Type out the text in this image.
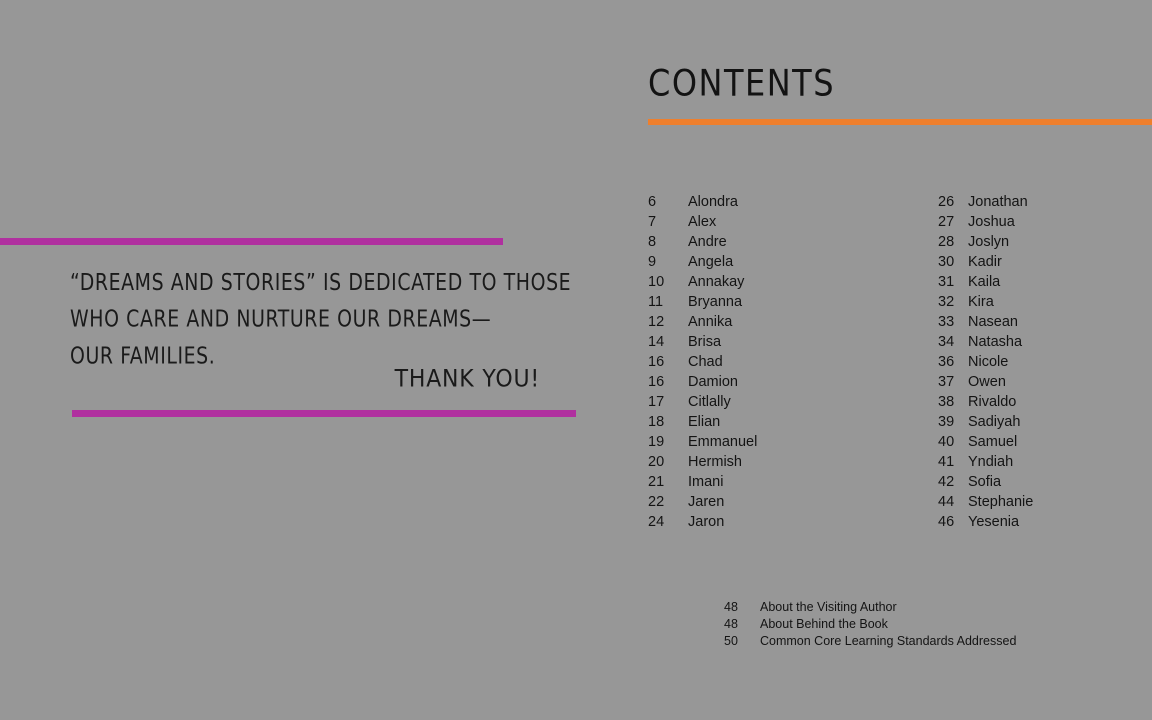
“DREAMS AND STORIES” IS DEDICATED TO THOSE
WHO CARE AND NURTURE OUR DREAMS—
OUR FAMILIES.
THANK YOU!
CONTENTS
6	Alondra
7	Alex
8	Andre
9	Angela
10	Annakay
11	Bryanna
12	Annika
14	Brisa
16	Chad
16	Damion
17	Citlally
18	Elian
19	Emmanuel
20	Hermish
21	Imani
22	Jaren
24	Jaron
26 Jonathan
27 Joshua
28 Joslyn
30 Kadir
31 Kaila
32 Kira
33 Nasean
34 Natasha
36 Nicole
37 Owen
38 Rivaldo
39 Sadiyah
40 Samuel
41 Yndiah
42 Sofia
44 Stephanie
46 Yesenia
48	About the Visiting Author
48	About Behind the Book
50	Common Core Learning Standards Addressed
